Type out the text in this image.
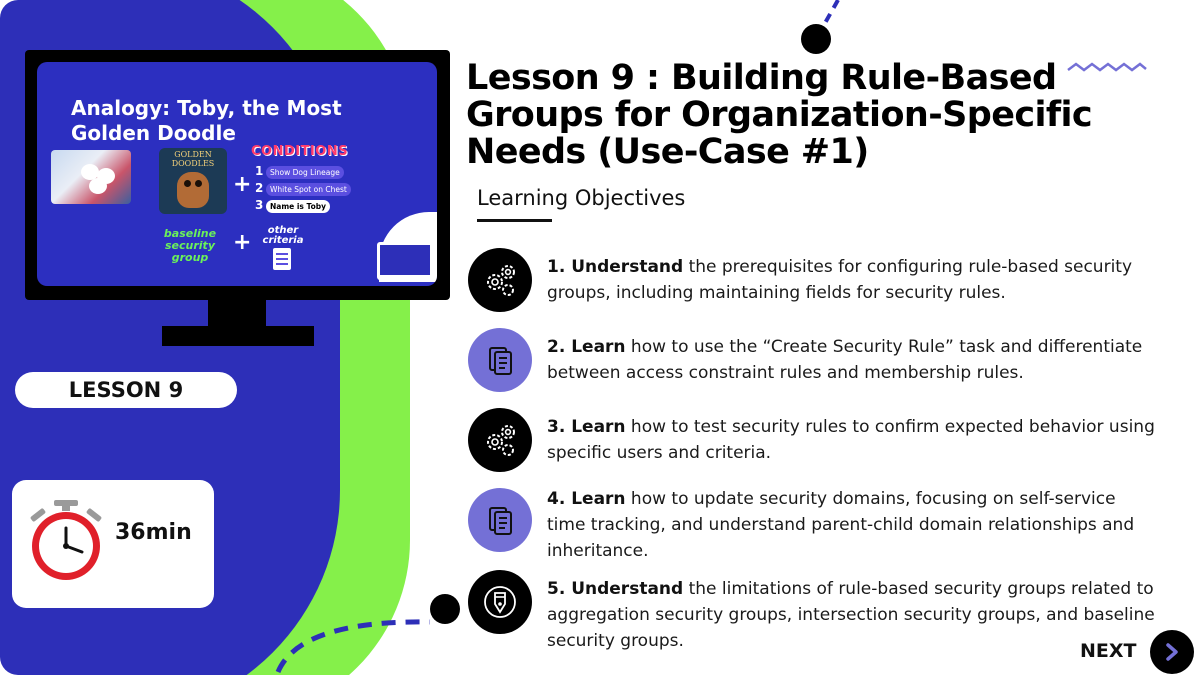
Analogy: Toby, the Most Golden Doodle
GOLDEN DOODLES
+
CONDITIONS
1 Show Dog Lineage
2 White Spot on Chest
3 Name is Toby
baseline security group
+	other criteria
LESSON 9
36min
Lesson 9 : Building Rule-Based Groups for Organization-Specific Needs (Use-Case #1)
Learning Objectives
1. Understand the prerequisites for configuring rule-based security groups, including maintaining fields for security rules.
2. Learn how to use the “Create Security Rule” task and differentiate between access constraint rules and membership rules.
3. Learn how to test security rules to confirm expected behavior using specific users and criteria.
4. Learn how to update security domains, focusing on self-service time tracking, and understand parent-child domain relationships and inheritance.
5. Understand the limitations of rule-based security groups related to aggregation security groups, intersection security groups, and baseline security groups.	NEXT
